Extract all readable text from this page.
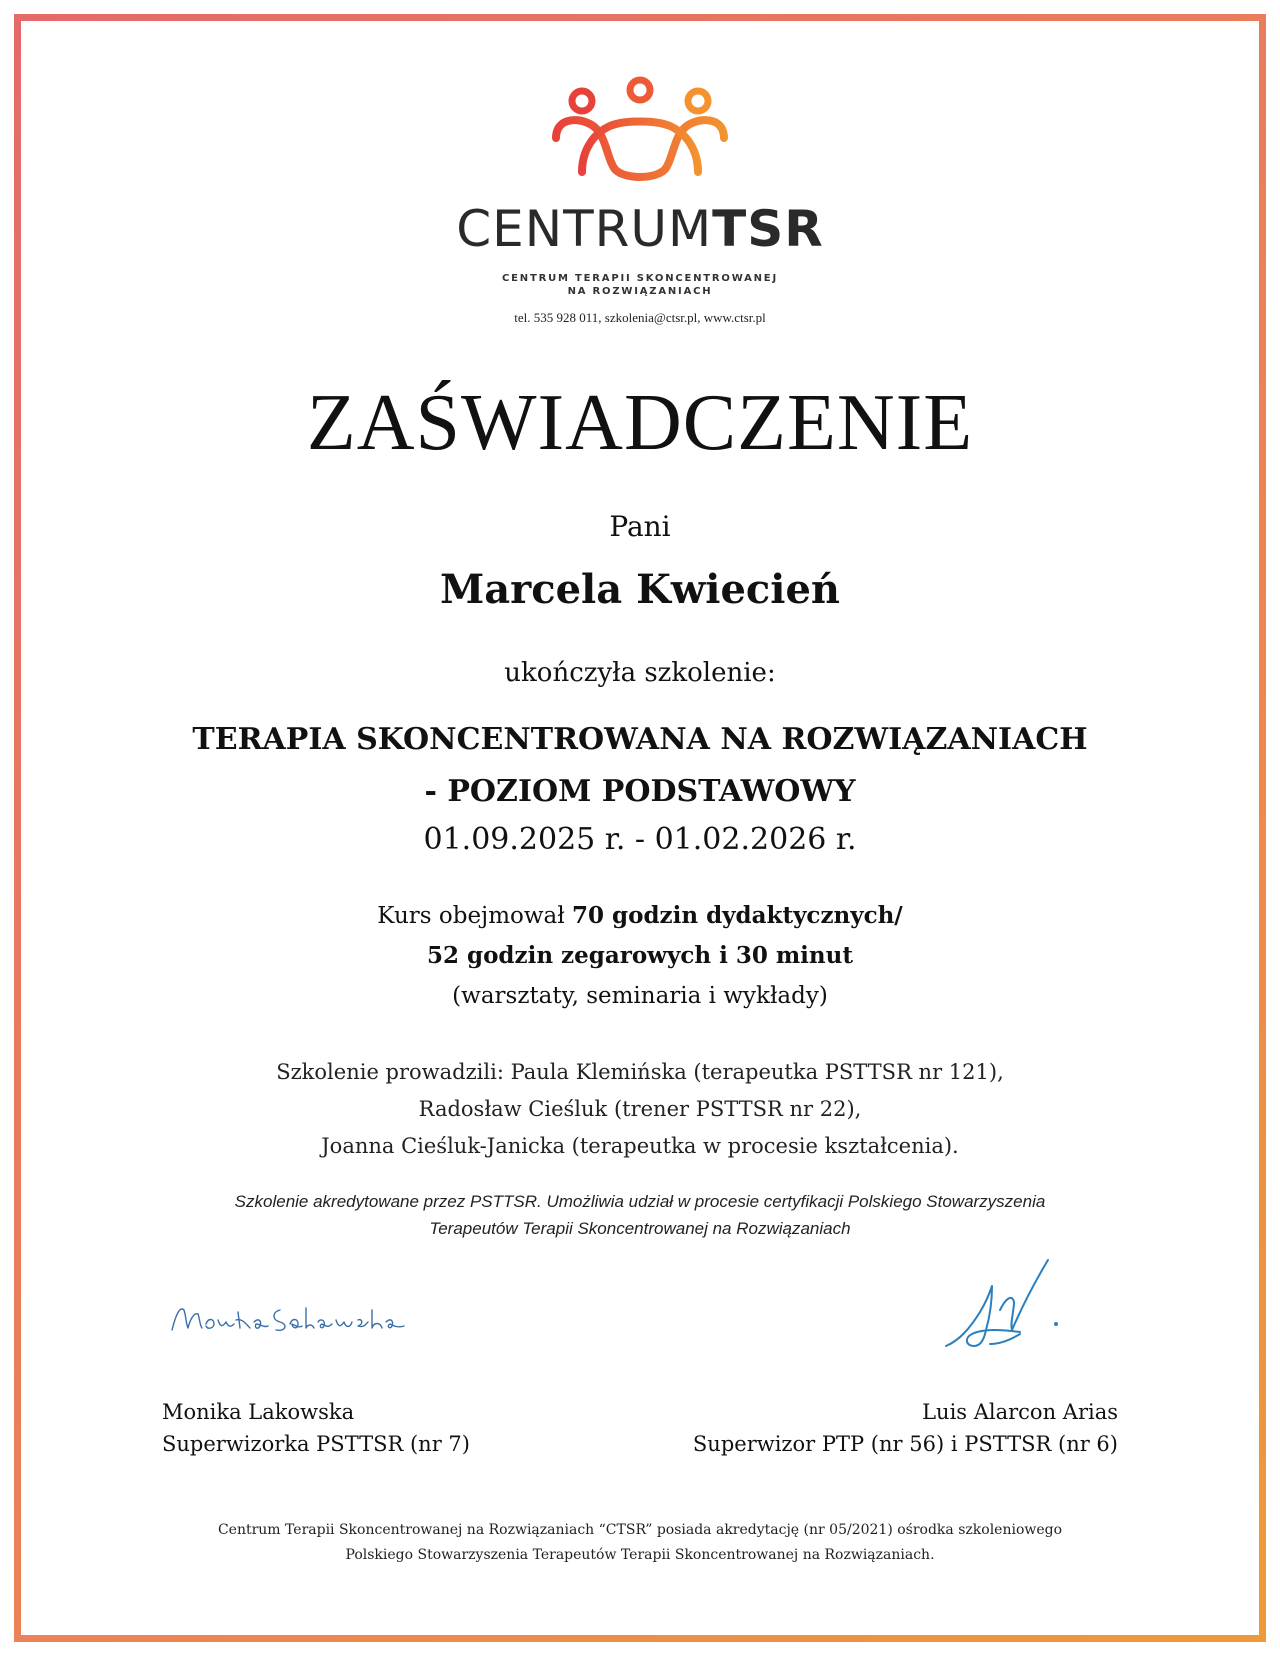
CENTRUMTSR
CENTRUM TERAPII SKONCENTROWANEJ
NA ROZWIĄZANIACH
tel. 535 928 011, szkolenia@ctsr.pl, www.ctsr.pl
ZAŚWIADCZENIE
Pani
Marcela Kwiecień
ukończyła szkolenie:
TERAPIA SKONCENTROWANA NA ROZWIĄZANIACH
- POZIOM PODSTAWOWY
01.09.2025 r. - 01.02.2026 r.
Kurs obejmował 70 godzin dydaktycznych/
52 godzin zegarowych i 30 minut
(warsztaty, seminaria i wykłady)
Szkolenie prowadzili: Paula Klemińska (terapeutka PSTTSR nr 121),
Radosław Cieśluk (trener PSTTSR nr 22),
Joanna Cieśluk-Janicka (terapeutka w procesie kształcenia).
Szkolenie akredytowane przez PSTTSR. Umożliwia udział w procesie certyfikacji Polskiego Stowarzyszenia
Terapeutów Terapii Skoncentrowanej na Rozwiązaniach
Monika Lakowska
Superwizorka PSTTSR (nr 7)
Luis Alarcon Arias
Superwizor PTP (nr 56) i PSTTSR (nr 6)
Centrum Terapii Skoncentrowanej na Rozwiązaniach “CTSR” posiada akredytację (nr 05/2021) ośrodka szkoleniowego
Polskiego Stowarzyszenia Terapeutów Terapii Skoncentrowanej na Rozwiązaniach.
